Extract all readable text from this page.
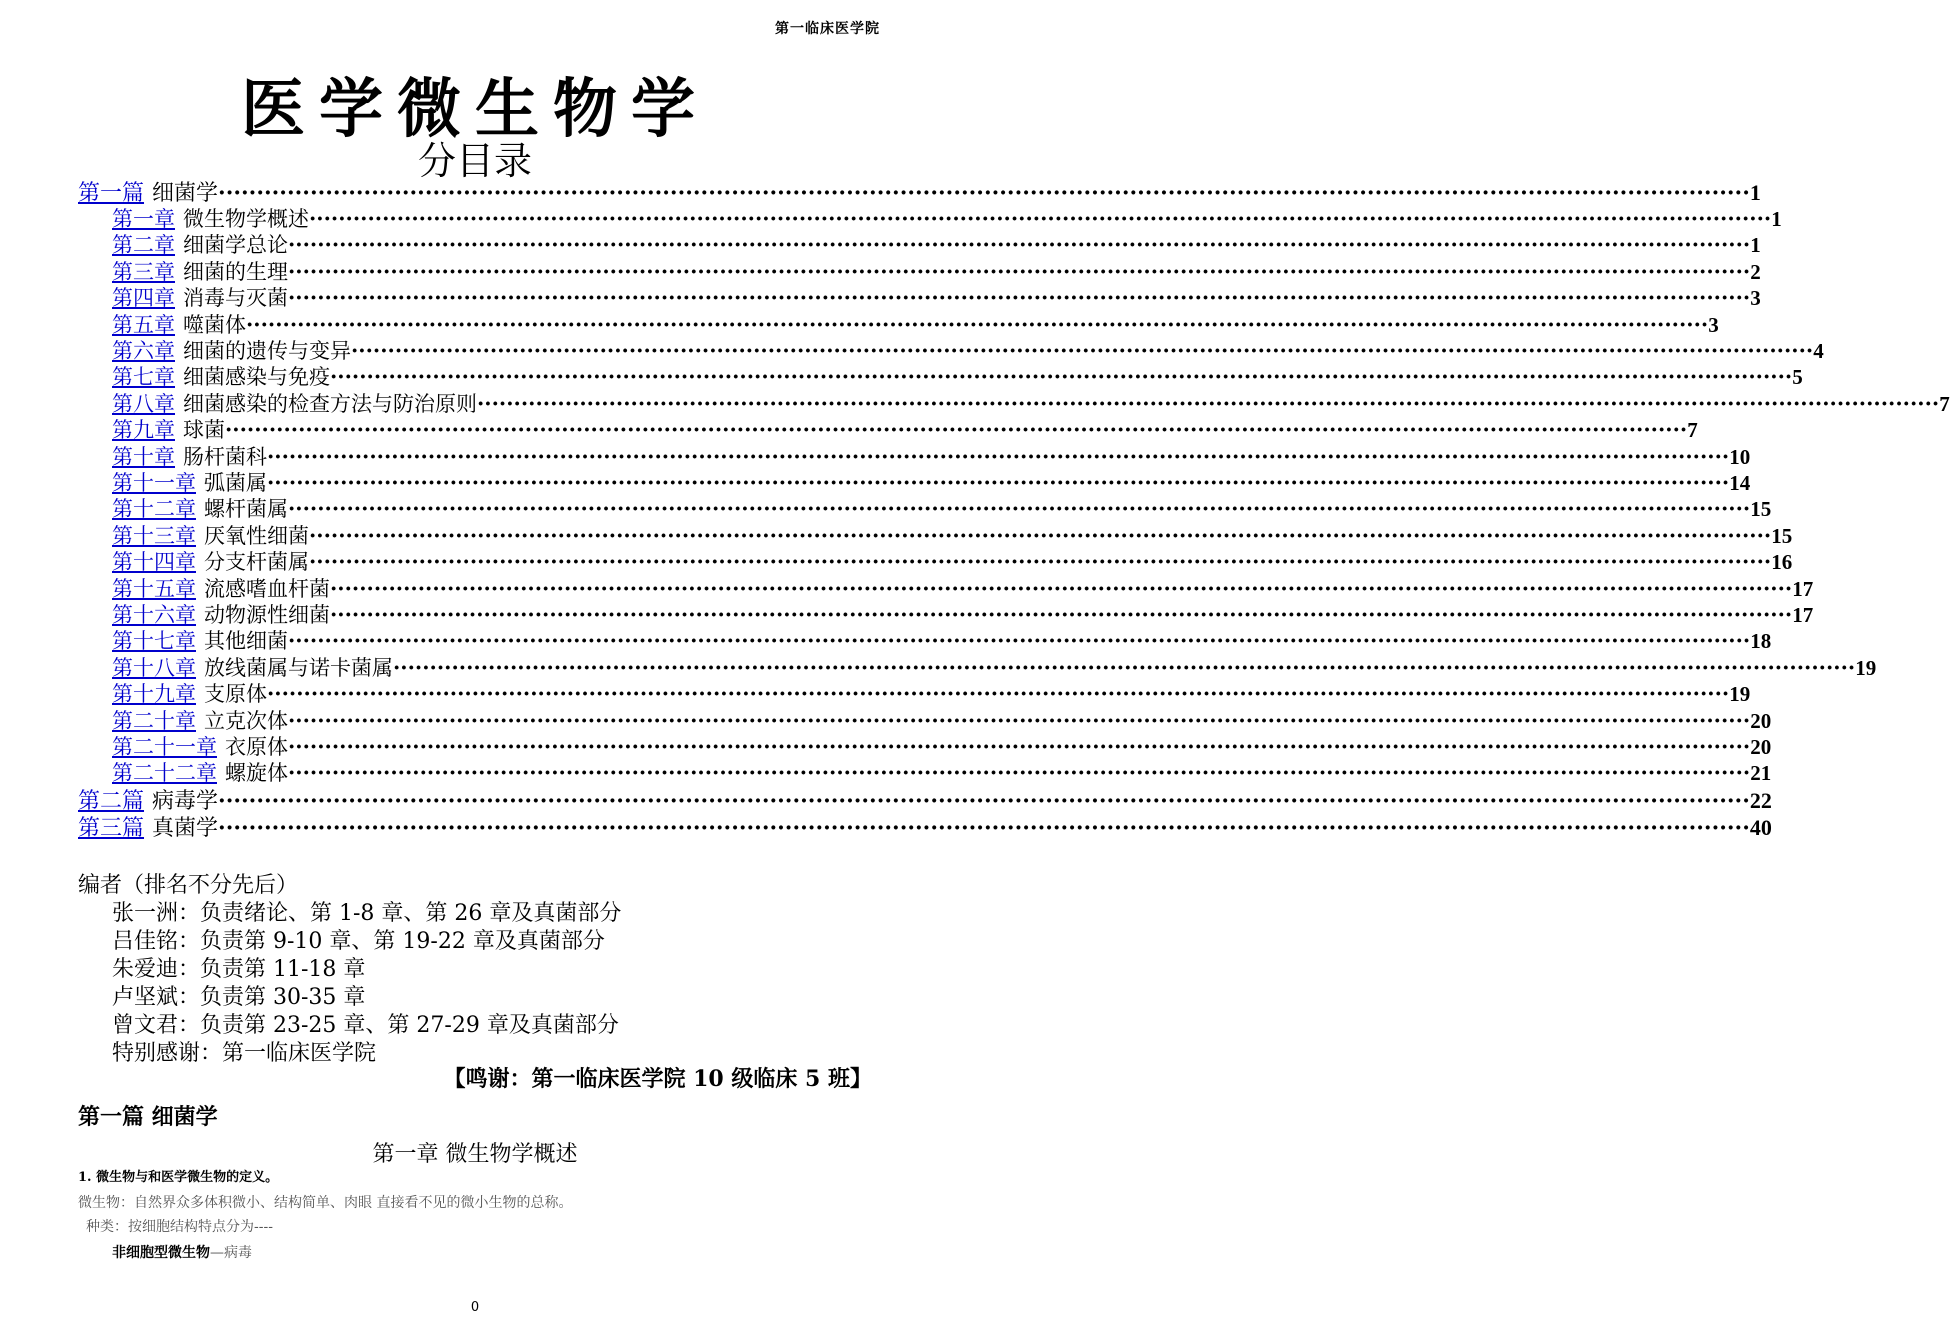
第一临床医学院
医学微生物学
分目录
第一篇 细菌学 ········································································································································································································ 1
第一章 微生物学概述 ········································································································································································································ 1
第二章 细菌学总论 ········································································································································································································ 1
第三章 细菌的生理 ········································································································································································································ 2
第四章 消毒与灭菌 ········································································································································································································ 3
第五章 噬菌体 ········································································································································································································ 3
第六章 细菌的遗传与变异 ········································································································································································································ 4
第七章 细菌感染与免疫 ········································································································································································································ 5
第八章 细菌感染的检查方法与防治原则 ········································································································································································································ 7
第九章 球菌 ········································································································································································································ 7
第十章 肠杆菌科 ········································································································································································································ 10
第十一章 弧菌属 ········································································································································································································ 14
第十二章 螺杆菌属 ········································································································································································································ 15
第十三章 厌氧性细菌 ········································································································································································································ 15
第十四章 分支杆菌属 ········································································································································································································ 16
第十五章 流感嗜血杆菌 ········································································································································································································ 17
第十六章 动物源性细菌 ········································································································································································································ 17
第十七章 其他细菌 ········································································································································································································ 18
第十八章 放线菌属与诺卡菌属 ········································································································································································································ 19
第十九章 支原体 ········································································································································································································ 19
第二十章 立克次体 ········································································································································································································ 20
第二十一章 衣原体 ········································································································································································································ 20
第二十二章 螺旋体 ········································································································································································································ 21
第二篇 病毒学 ········································································································································································································ 22
第三篇 真菌学 ········································································································································································································ 40
编者（排名不分先后）
张一洲：负责绪论、第 1-8 章、第 26 章及真菌部分
吕佳铭：负责第 9-10 章、第 19-22 章及真菌部分
朱爱迪：负责第 11-18 章
卢坚斌：负责第 30-35 章
曾文君：负责第 23-25 章、第 27-29 章及真菌部分
特别感谢：第一临床医学院
【鸣谢：第一临床医学院 10 级临床 5 班】
第一篇 细菌学
第一章 微生物学概述
1. 微生物与和医学微生物的定义。
微生物：自然界众多体积微小、结构简单、肉眼 直接看不见的微小生物的总称。
种类：按细胞结构特点分为----
非细胞型微生物—病毒
0
